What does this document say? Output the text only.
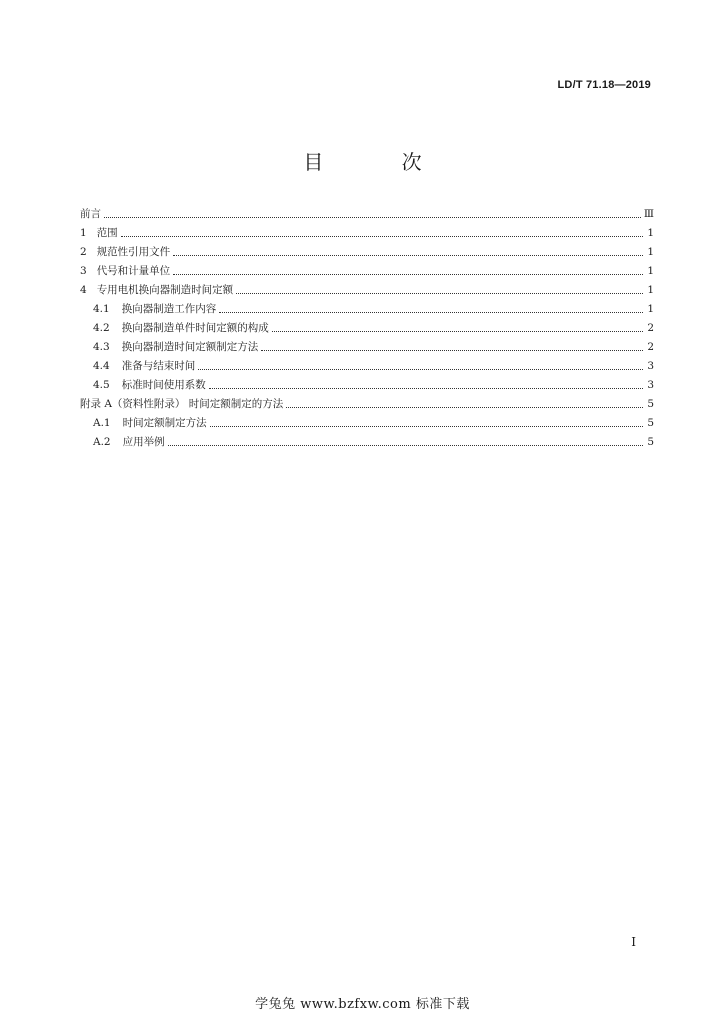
LD/T 71.18—2019
目 次
前言	Ⅲ
1 范围	1
2 规范性引用文件	1
3 代号和计量单位	1
4 专用电机换向器制造时间定额	1
4.1 换向器制造工作内容	1
4.2 换向器制造单件时间定额的构成	2
4.3 换向器制造时间定额制定方法	2
4.4 准备与结束时间	3
4.5 标准时间使用系数	3
附录 A（资料性附录） 时间定额制定的方法	5
A.1 时间定额制定方法	5
A.2 应用举例	5
I
学兔兔 www.bzfxw.com 标准下载
